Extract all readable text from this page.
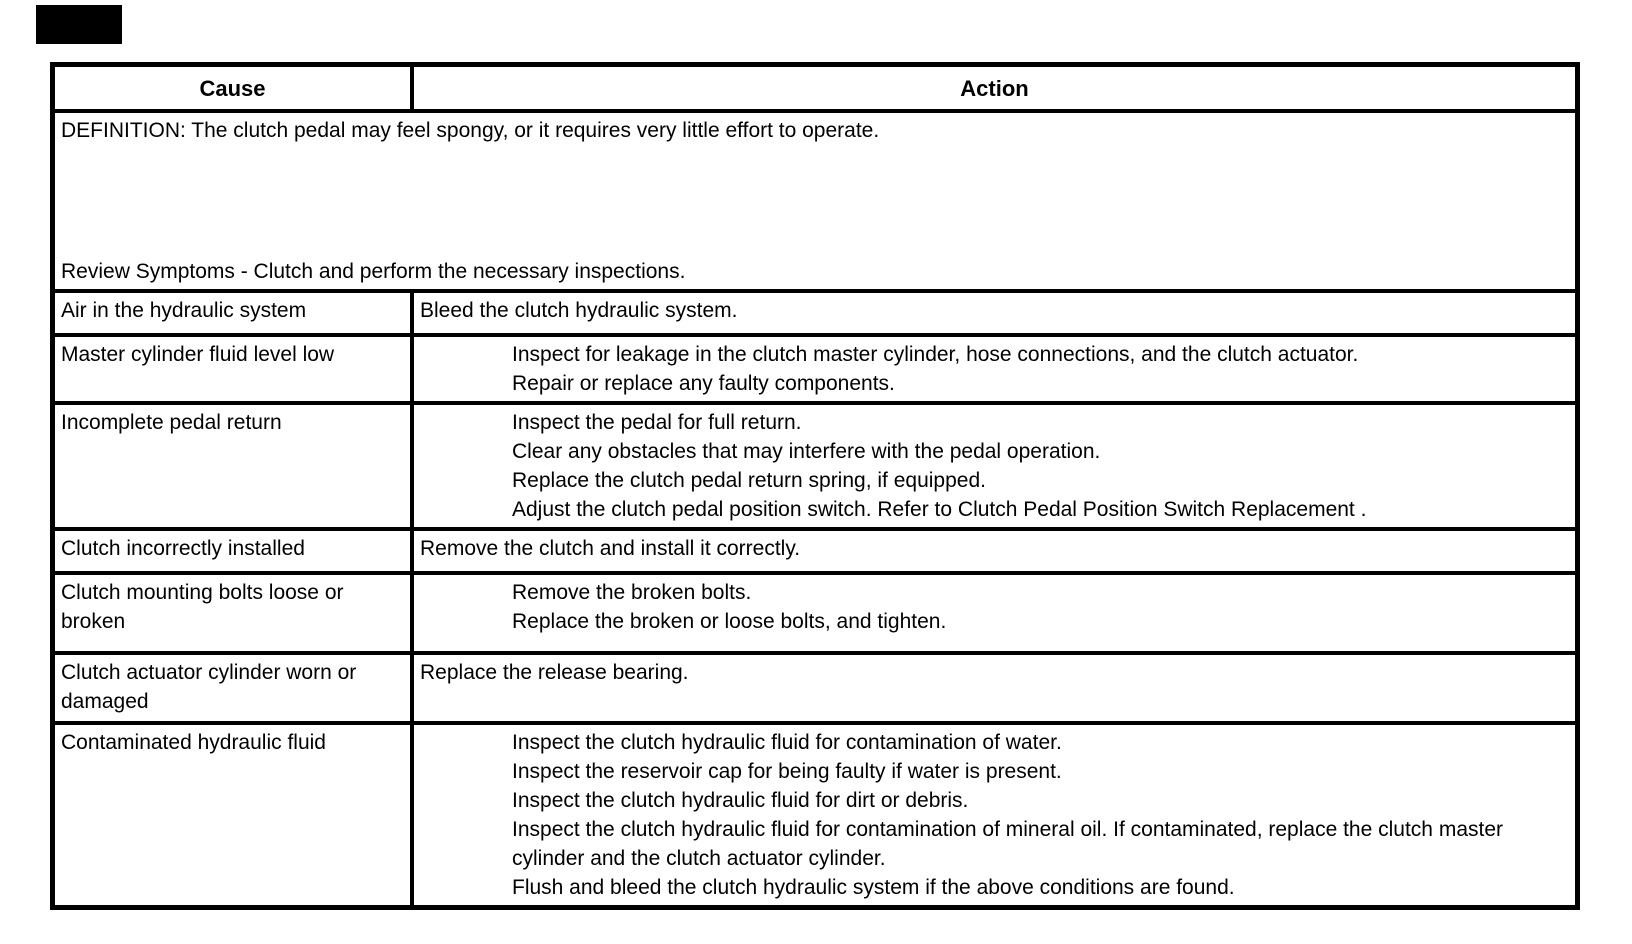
Cause	Action

DEFINITION: The clutch pedal may feel spongy, or it requires very little effort to operate.
Review Symptoms - Clutch and perform the necessary inspections.	

Air in the hydraulic system	Bleed the clutch hydraulic system.

Master cylinder fluid level low	Inspect for leakage in the clutch master cylinder, hose connections, and the clutch actuator.
Repair or replace any faulty components.

Incomplete pedal return	Inspect the pedal for full return.
Clear any obstacles that may interfere with the pedal operation.
Replace the clutch pedal return spring, if equipped.
Adjust the clutch pedal position switch. Refer to Clutch Pedal Position Switch Replacement .

Clutch incorrectly installed	Remove the clutch and install it correctly.

Clutch mounting bolts loose or broken	Remove the broken bolts.
Replace the broken or loose bolts, and tighten.

Clutch actuator cylinder worn or damaged	Replace the release bearing.

Contaminated hydraulic fluid	Inspect the clutch hydraulic fluid for contamination of water.
Inspect the reservoir cap for being faulty if water is present.
Inspect the clutch hydraulic fluid for dirt or debris.
Inspect the clutch hydraulic fluid for contamination of mineral oil. If contaminated, replace the clutch master cylinder and the clutch actuator cylinder.
Flush and bleed the clutch hydraulic system if the above conditions are found.
